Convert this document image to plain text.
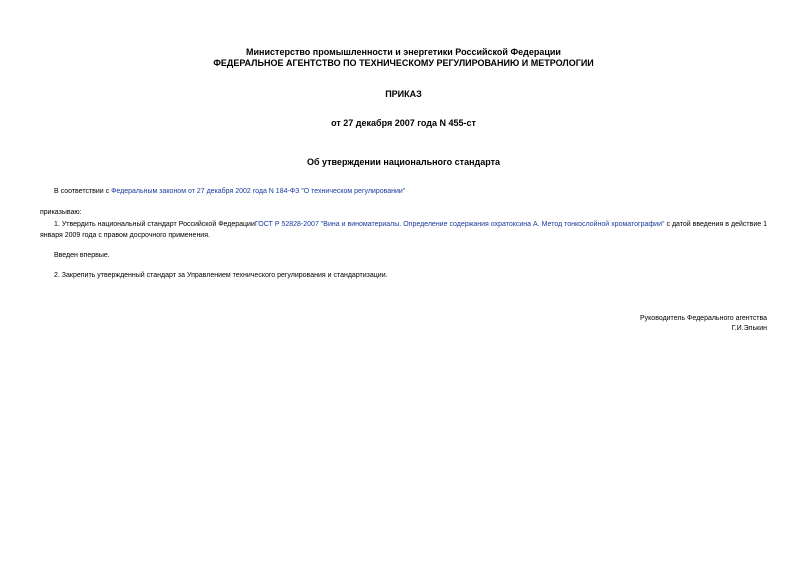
Министерство промышленности и энергетики Российской Федерации
ФЕДЕРАЛЬНОЕ АГЕНТСТВО ПО ТЕХНИЧЕСКОМУ РЕГУЛИРОВАНИЮ И МЕТРОЛОГИИ
ПРИКАЗ
от 27 декабря 2007 года N 455-ст
Об утверждении национального стандарта
В соответствии с Федеральным законом от 27 декабря 2002 года N 184-ФЗ "О техническом регулировании"
приказываю:
1. Утвердить национальный стандарт Российской ФедерацииГОСТ Р 52828-2007 "Вина и виноматериалы. Определение содержания охратоксина А. Метод тонкослойной хроматографии" с датой введения в действие 1 января 2009 года с правом досрочного применения.
Введен впервые.
2. Закрепить утвержденный стандарт за Управлением технического регулирования и стандартизации.
Руководитель Федерального агентства
Г.И.Элькин
